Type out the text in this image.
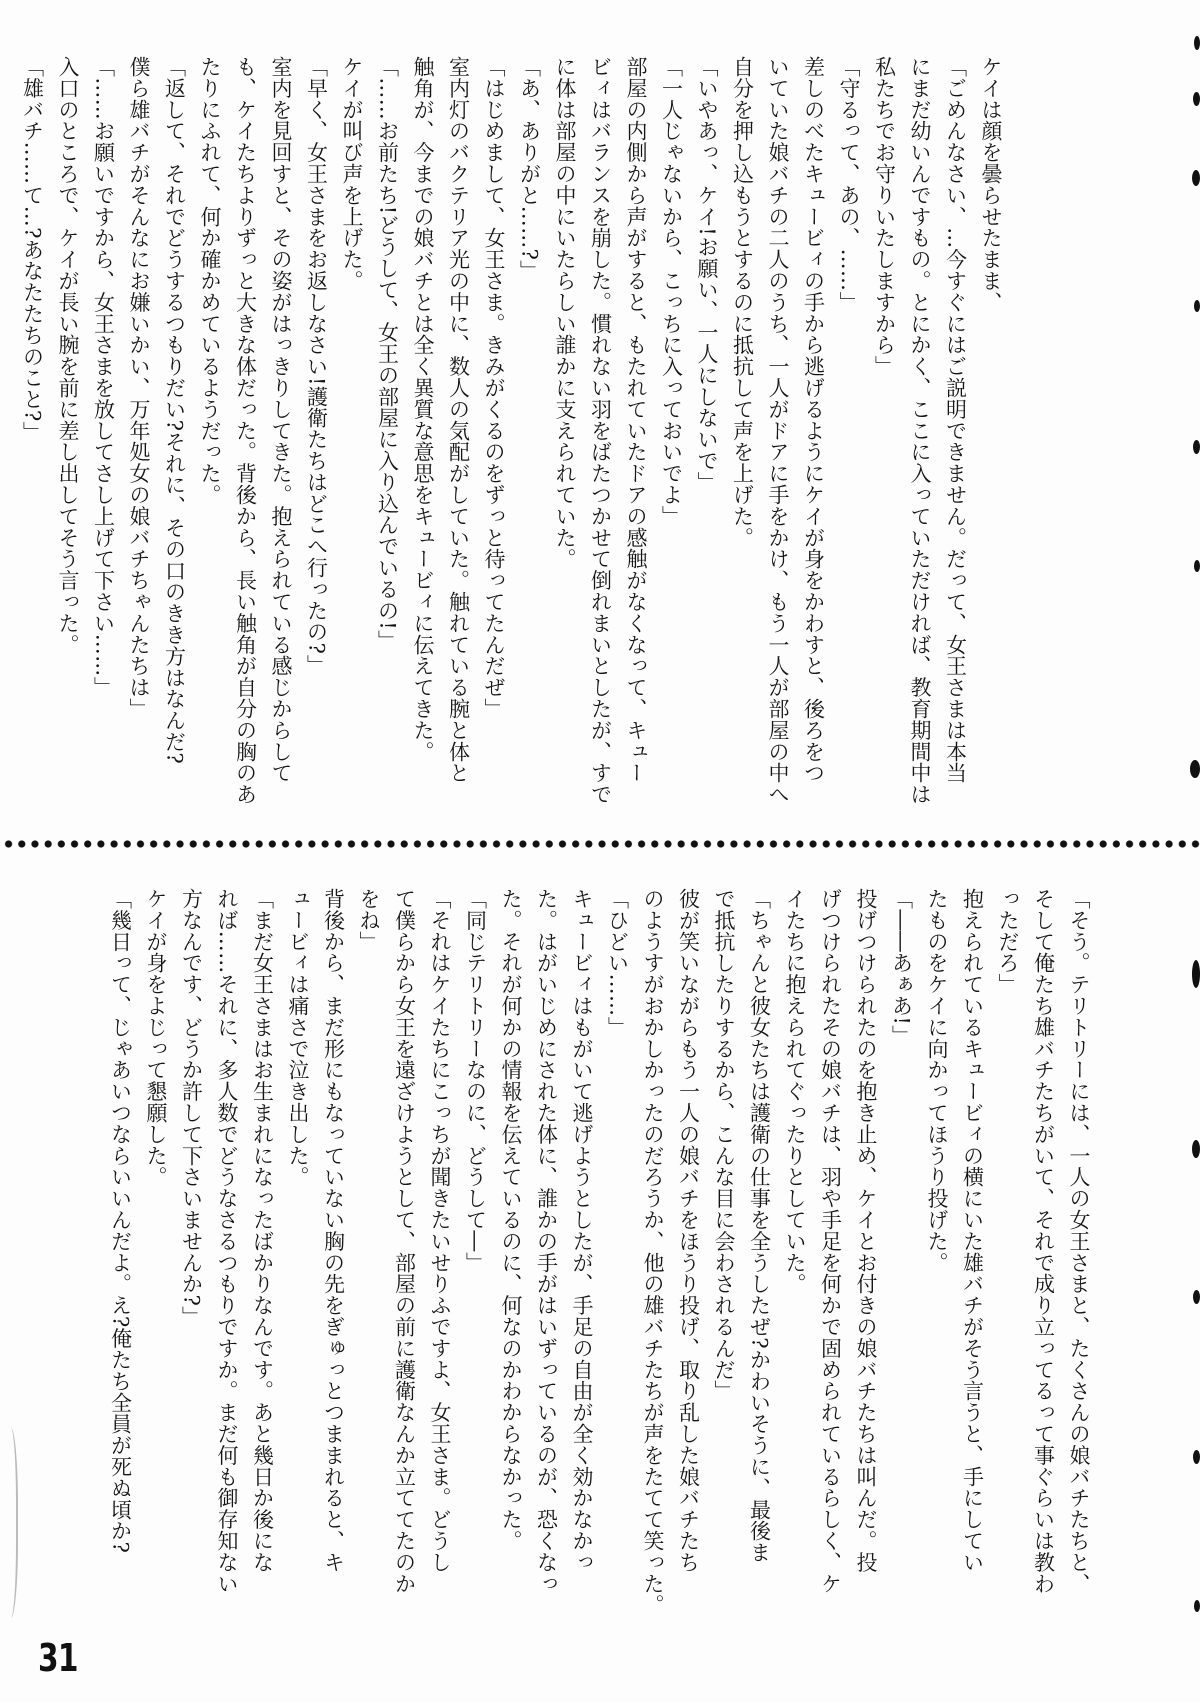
ケイは顔を曇らせたまま、
「ごめんなさい、…今すぐにはご説明できません。だって、女王さまは本当
にまだ幼いんですもの。とにかく、ここに入っていただければ、教育期間中は
私たちでお守りいたしますから」
「守るって、あの、……」
差しのべたキュービィの手から逃げるようにケイが身をかわすと、後ろをつ
いていた娘バチの二人のうち、一人がドアに手をかけ、もう一人が部屋の中へ
自分を押し込もうとするのに抵抗して声を上げた。
「いやあっ、ケイ!お願い、一人にしないで」
「一人じゃないから、こっちに入っておいでよ」
部屋の内側から声がすると、もたれていたドアの感触がなくなって、キュー
ビィはバランスを崩した。慣れない羽をばたつかせて倒れまいとしたが、すで
に体は部屋の中にいたらしい誰かに支えられていた。
「あ、ありがと……?」
「はじめまして、女王さま。きみがくるのをずっと待ってたんだぜ」
室内灯のバクテリア光の中に、数人の気配がしていた。触れている腕と体と
触角が、今までの娘バチとは全く異質な意思をキュービィに伝えてきた。
「……お前たち!どうして、女王の部屋に入り込んでいるの!」
ケイが叫び声を上げた。
「早く、女王さまをお返しなさい!護衛たちはどこへ行ったの?」
室内を見回すと、その姿がはっきりしてきた。抱えられている感じからして
も、ケイたちよりずっと大きな体だった。背後から、長い触角が自分の胸のあ
たりにふれて、何か確かめているようだった。
「返して、それでどうするつもりだい?それに、その口のきき方はなんだ?
僕ら雄バチがそんなにお嫌いかい、万年処女の娘バチちゃんたちは」
「……お願いですから、女王さまを放してさし上げて下さい……」
入口のところで、ケイが長い腕を前に差し出してそう言った。
「雄バチ……て…?あなたたちのこと?」
「そう。テリトリーには、一人の女王さまと、たくさんの娘バチたちと、
そして俺たち雄バチたちがいて、それで成り立ってるって事ぐらいは教わ
っただろ」
抱えられているキュービィの横にいた雄バチがそう言うと、手にしてい
たものをケイに向かってほうり投げた。
「――あぁあ!」
投げつけられたのを抱き止め、ケイとお付きの娘バチたちは叫んだ。投
げつけられたその娘バチは、羽や手足を何かで固められているらしく、ケ
イたちに抱えられてぐったりとしていた。
「ちゃんと彼女たちは護衛の仕事を全うしたぜ?かわいそうに、最後ま
で抵抗したりするから、こんな目に会わされるんだ」
彼が笑いながらもう一人の娘バチをほうり投げ、取り乱した娘バチたち
のようすがおかしかったのだろうか、他の雄バチたちが声をたてて笑った。
「ひどい……」
キュービィはもがいて逃げようとしたが、手足の自由が全く効かなかっ
た。はがいじめにされた体に、誰かの手がはいずっているのが、恐くなっ
た。それが何かの情報を伝えているのに、何なのかわからなかった。
「同じテリトリーなのに、どうして―」
「それはケイたちにこっちが聞きたいせりふですよ、女王さま。どうし
て僕らから女王を遠ざけようとして、部屋の前に護衛なんか立ててたのか
をね」
背後から、まだ形にもなっていない胸の先をぎゅっとつままれると、キ
ュービィは痛さで泣き出した。
「まだ女王さまはお生まれになったばかりなんです。あと幾日か後にな
れば……それに、多人数でどうなさるつもりですか。まだ何も御存知ない
方なんです、どうか許して下さいませんか?」
ケイが身をよじって懇願した。
「幾日って、じゃあいつならいいんだよ。え?俺たち全員が死ぬ頃か?
31
